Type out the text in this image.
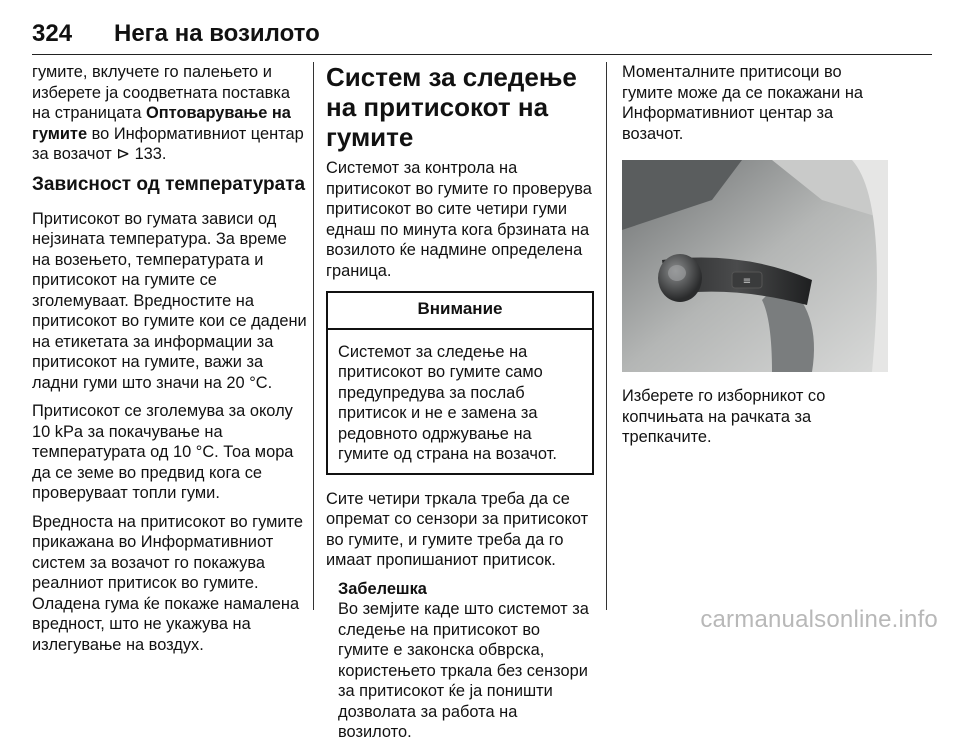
324 Нега на возилото

гумите, вклучете го палењето и изберете ја соодветната поставка на страницата Оптоварување на гумите во Информативниот центар за возачот ⊳ 133.

Зависност од температурата

Притисокот во гумата зависи од нејзината температура. За време на возењето, температурата и притисокот на гумите се зголемуваат. Вредностите на притисокот во гумите кои се дадени на етикетата за информации за притисокот на гумите, важи за ладни гуми што значи на 20 °C.

Притисокот се зголемува за околу 10 kPa за покачување на температурата од 10 °C. Тоа мора да се земе во предвид кога се проверуваат топли гуми.

Вредноста на притисокот во гумите прикажана во Информативниот систем за возачот го покажува реалниот притисок во гумите. Оладена гума ќе покаже намалена вредност, што не укажува на излегување на воздух.

Систем за следење на притисокот на гумите

Системот за контрола на притисокот во гумите го проверува притисокот во сите четири гуми еднаш по минута кога брзината на возилото ќе надмине определена граница.

Внимание
Системот за следење на притисокот во гумите само предупредува за послаб притисок и не е замена за редовното одржување на гумите од страна на возачот.

Сите четири тркала треба да се опремат со сензори за притисокот во гумите, и гумите треба да го имаат пропишаниот притисок.

Забелешка
Во земјите каде што системот за следење на притисокот во гумите е законска обврска, користењето тркала без сензори за притисокот ќе ја поништи дозволата за работа на возилото.

Моменталните притисоци во гумите може да се покажани на Информативниот центар за возачот.

≡

Изберете го изборникот со копчињата на рачката за трепкачите.

carmanualsonline.info
